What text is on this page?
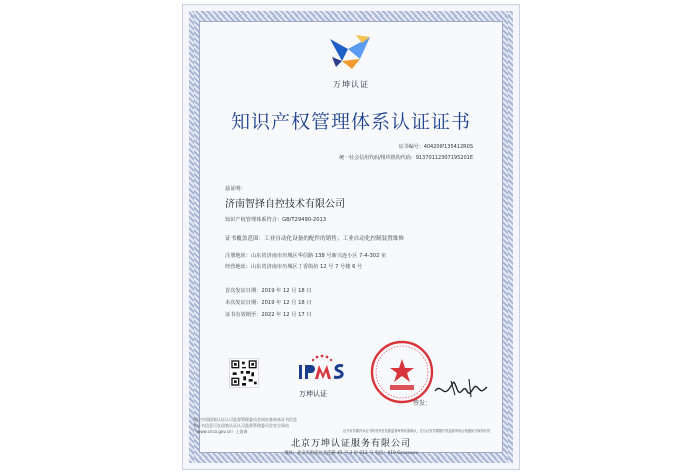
万坤认证
知识产权管理体系认证证书
证书编号：40420IP135412R0S
统一社会信用代码/组织机构代码：91370112307195201E
兹证明：
济南智择自控技术有限公司
知识产权管理体系符合：GB/T29490-2013
证书覆盖范围：工业自动化设备的配件的销售；工业自动化控制装置维修
注册地址：山东省济南市历城区华信路 138 号新兴连小区 7-4-302 室
经营地址：山东省济南市历城区丁香街坊 12 号 7 号楼 6 号
首次发证日期：2019 年 12 月 18 日
本次发证日期：2019 年 12 月 18 日
证书有效期至：2022 年 12 月 17 日
万坤认证
签发：
通过中国国家认证认可监督管理委员会网站查询本证书信息
本证书信息可在国家认证认可监督管理委员会官方网站
（www.cnca.gov.cn）上查询	证书有效期内本证书的有效性依据监督审核结果确认，在认证有效期限内凭监督审核合格通知书保持有效
北京万坤认证服务有限公司
地址：北京市海淀区北洼路 45 号 3 层 012 号 电话：010-6xxxxxxx
